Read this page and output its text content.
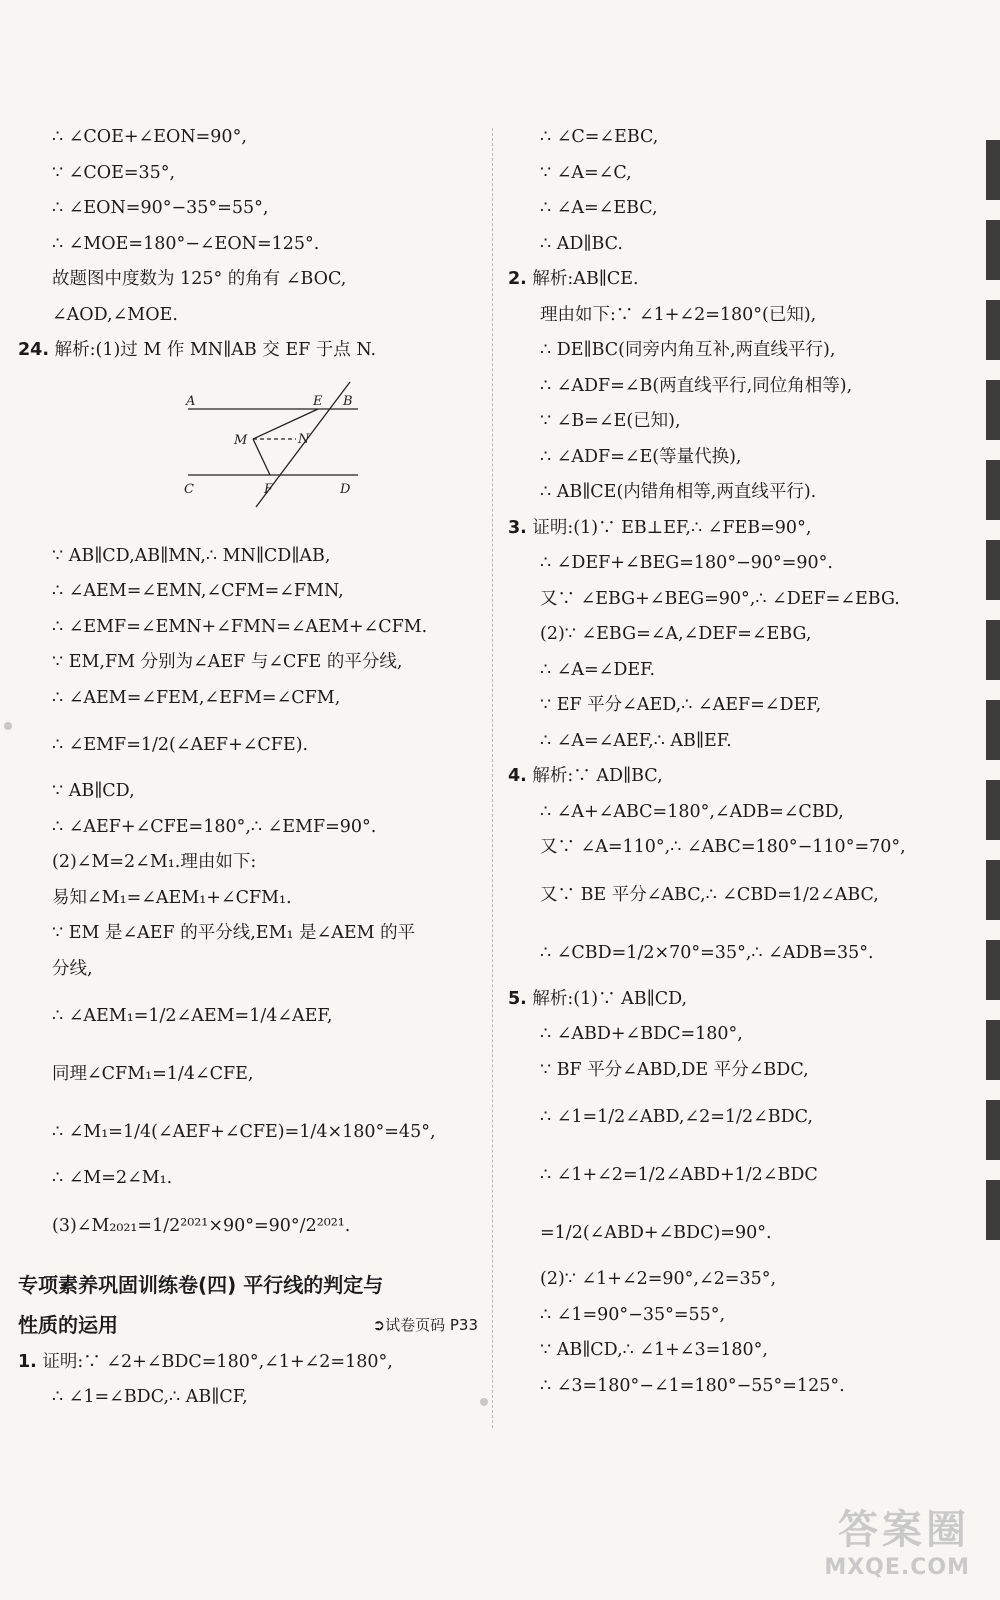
∴ ∠COE+∠EON=90°,
∵ ∠COE=35°,
∴ ∠EON=90°−35°=55°,
∴ ∠MOE=180°−∠EON=125°.
故题图中度数为 125° 的角有 ∠BOC,
∠AOD,∠MOE.
24. 解析:(1)过 M 作 MN∥AB 交 EF 于点 N.
A	E B
M	N
C	F	D
∵ AB∥CD,AB∥MN,∴ MN∥CD∥AB,
∴ ∠AEM=∠EMN,∠CFM=∠FMN,
∴ ∠EMF=∠EMN+∠FMN=∠AEM+∠CFM.
∵ EM,FM 分别为∠AEF 与∠CFE 的平分线,
∴ ∠AEM=∠FEM,∠EFM=∠CFM,
∴ ∠EMF=1/2(∠AEF+∠CFE).
∵ AB∥CD,
∴ ∠AEF+∠CFE=180°,∴ ∠EMF=90°.
(2)∠M=2∠M₁.理由如下:
易知∠M₁=∠AEM₁+∠CFM₁.
∵ EM 是∠AEF 的平分线,EM₁ 是∠AEM 的平
分线,
∴ ∠AEM₁=1/2∠AEM=1/4∠AEF,
同理∠CFM₁=1/4∠CFE,
∴ ∠M₁=1/4(∠AEF+∠CFE)=1/4×180°=45°,
∴ ∠M=2∠M₁.
(3)∠M₂₀₂₁=1/2²⁰²¹×90°=90°/2²⁰²¹.
专项素养巩固训练卷(四) 平行线的判定与
性质的运用	➲试卷页码 P33
1. 证明:∵ ∠2+∠BDC=180°,∠1+∠2=180°,
∴ ∠1=∠BDC,∴ AB∥CF,
∴ ∠C=∠EBC,
∵ ∠A=∠C,
∴ ∠A=∠EBC,
∴ AD∥BC.
2. 解析:AB∥CE.
理由如下:∵ ∠1+∠2=180°(已知),
∴ DE∥BC(同旁内角互补,两直线平行),
∴ ∠ADF=∠B(两直线平行,同位角相等),
∵ ∠B=∠E(已知),
∴ ∠ADF=∠E(等量代换),
∴ AB∥CE(内错角相等,两直线平行).
3. 证明:(1)∵ EB⊥EF,∴ ∠FEB=90°,
∴ ∠DEF+∠BEG=180°−90°=90°.
又∵ ∠EBG+∠BEG=90°,∴ ∠DEF=∠EBG.
(2)∵ ∠EBG=∠A,∠DEF=∠EBG,
∴ ∠A=∠DEF.
∵ EF 平分∠AED,∴ ∠AEF=∠DEF,
∴ ∠A=∠AEF,∴ AB∥EF.
4. 解析:∵ AD∥BC,
∴ ∠A+∠ABC=180°,∠ADB=∠CBD,
又∵ ∠A=110°,∴ ∠ABC=180°−110°=70°,
又∵ BE 平分∠ABC,∴ ∠CBD=1/2∠ABC,
∴ ∠CBD=1/2×70°=35°,∴ ∠ADB=35°.
5. 解析:(1)∵ AB∥CD,
∴ ∠ABD+∠BDC=180°,
∵ BF 平分∠ABD,DE 平分∠BDC,
∴ ∠1=1/2∠ABD,∠2=1/2∠BDC,
∴ ∠1+∠2=1/2∠ABD+1/2∠BDC
=1/2(∠ABD+∠BDC)=90°.
(2)∵ ∠1+∠2=90°,∠2=35°,
∴ ∠1=90°−35°=55°,
∵ AB∥CD,∴ ∠1+∠3=180°,
∴ ∠3=180°−∠1=180°−55°=125°.
答案圈
MXQE.COM
